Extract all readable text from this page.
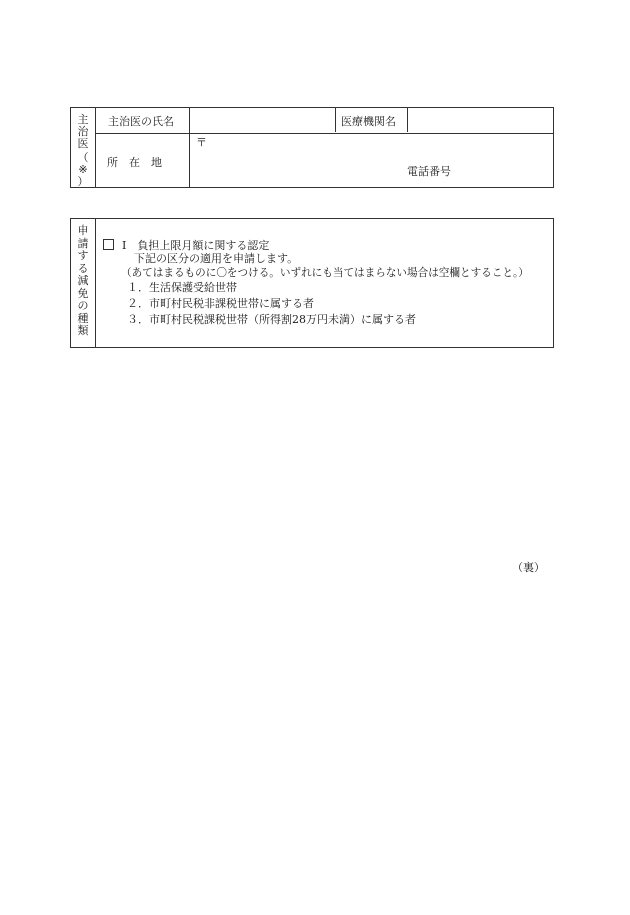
主
治
医
（
※
）
主治医の氏名	医療機関名
所　在　地
〒
電話番号
申
請
す
る
減
免
の
種
類
Ⅰ　負担上限月額に関する認定
下記の区分の適用を申請します。
（あてはまるものに〇をつける。いずれにも当てはまらない場合は空欄とすること。）
１．生活保護受給世帯
２．市町村民税非課税世帯に属する者
３．市町村民税課税世帯（所得割28万円未満）に属する者
（裏）
